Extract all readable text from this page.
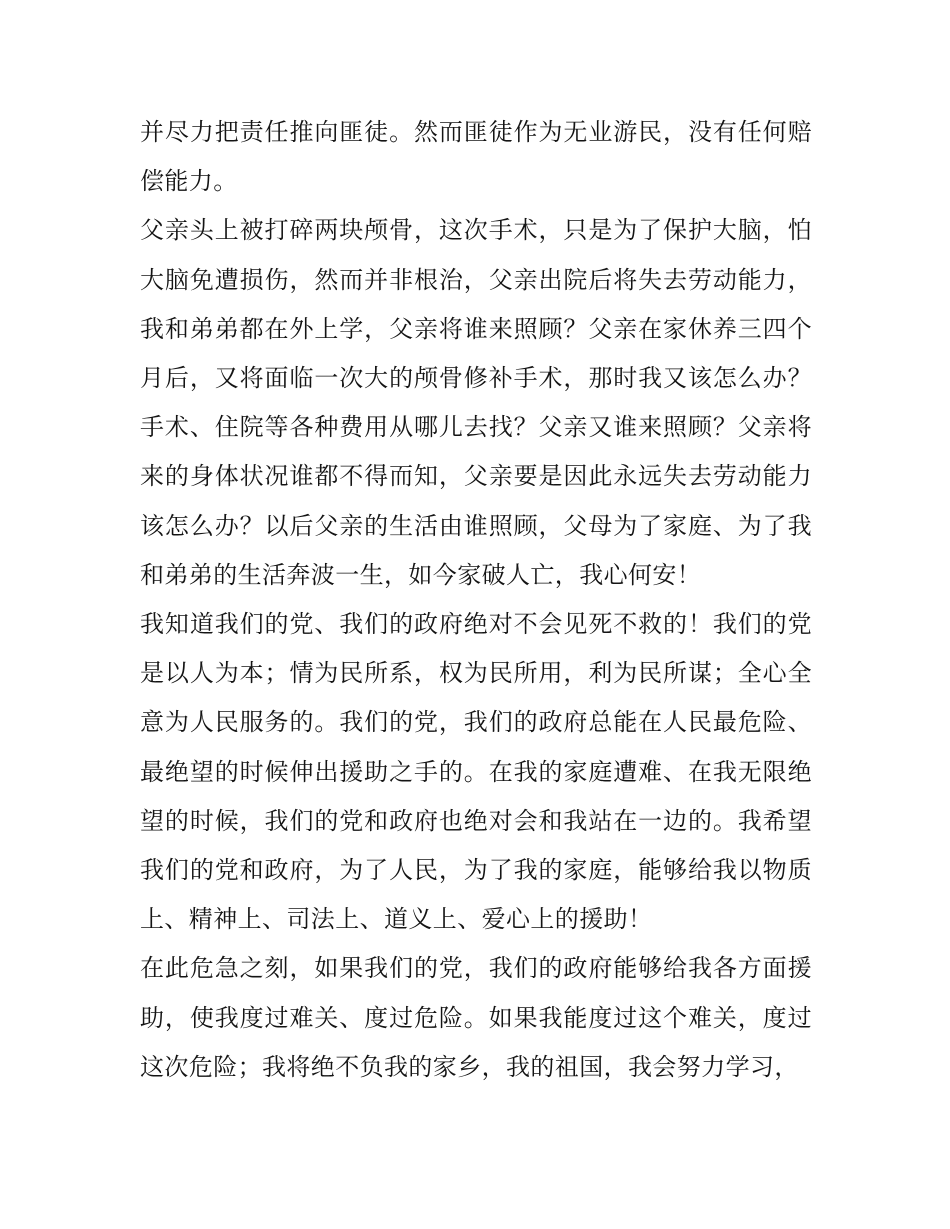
并尽力把责任推向匪徒。然而匪徒作为无业游民，没有任何赔偿能力。

父亲头上被打碎两块颅骨，这次手术，只是为了保护大脑，怕大脑免遭损伤，然而并非根治，父亲出院后将失去劳动能力，我和弟弟都在外上学，父亲将谁来照顾？父亲在家休养三四个月后，又将面临一次大的颅骨修补手术，那时我又该怎么办？手术、住院等各种费用从哪儿去找？父亲又谁来照顾？父亲将来的身体状况谁都不得而知，父亲要是因此永远失去劳动能力该怎么办？以后父亲的生活由谁照顾，父母为了家庭、为了我和弟弟的生活奔波一生，如今家破人亡，我心何安！

我知道我们的党、我们的政府绝对不会见死不救的！我们的党是以人为本；情为民所系，权为民所用，利为民所谋；全心全意为人民服务的。我们的党，我们的政府总能在人民最危险、最绝望的时候伸出援助之手的。在我的家庭遭难、在我无限绝望的时候，我们的党和政府也绝对会和我站在一边的。我希望我们的党和政府，为了人民，为了我的家庭，能够给我以物质上、精神上、司法上、道义上、爱心上的援助！

在此危急之刻，如果我们的党，我们的政府能够给我各方面援助，使我度过难关、度过危险。如果我能度过这个难关，度过这次危险；我将绝不负我的家乡，我的祖国，我会努力学习，
